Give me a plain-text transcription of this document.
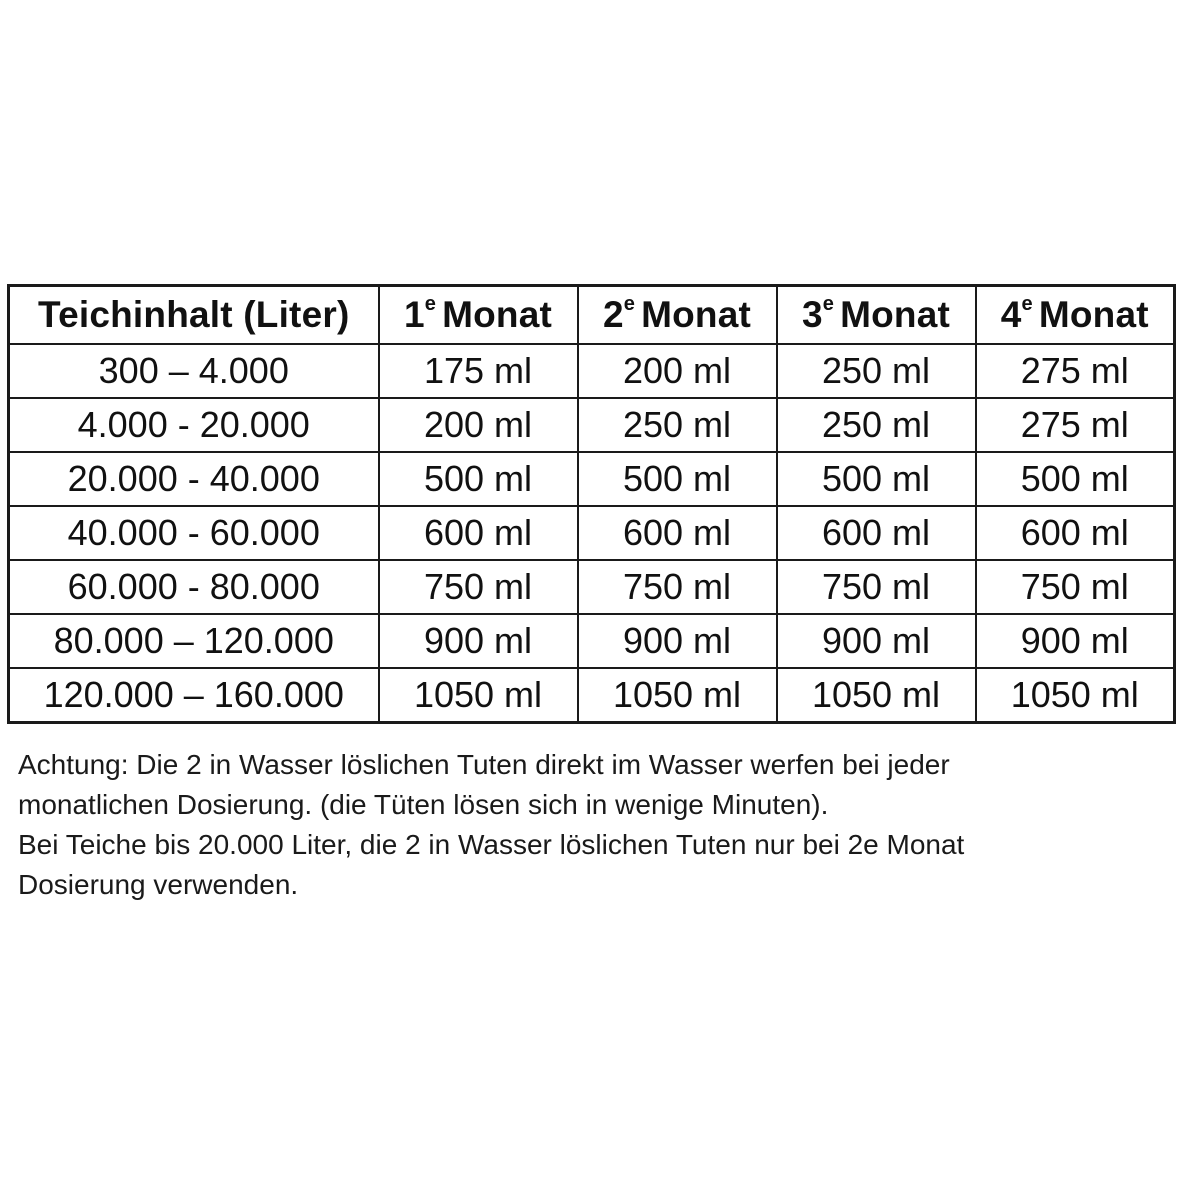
Teichinhalt (Liter)	1e Monat	2e Monat	3e Monat	4e Monat
300 – 4.000	175 ml	200 ml	250 ml	275 ml
4.000 - 20.000	200 ml	250 ml	250 ml	275 ml
20.000 - 40.000	500 ml	500 ml	500 ml	500 ml
40.000 - 60.000	600 ml	600 ml	600 ml	600 ml
60.000 - 80.000	750 ml	750 ml	750 ml	750 ml
80.000 – 120.000	900 ml	900 ml	900 ml	900 ml
120.000 – 160.000	1050 ml	1050 ml	1050 ml	1050 ml

Achtung: Die 2 in Wasser löslichen Tuten direkt im Wasser werfen bei jeder

monatlichen Dosierung. (die Tüten lösen sich in wenige Minuten).

Bei Teiche bis 20.000 Liter, die 2 in Wasser löslichen Tuten nur bei 2e Monat

Dosierung verwenden.
